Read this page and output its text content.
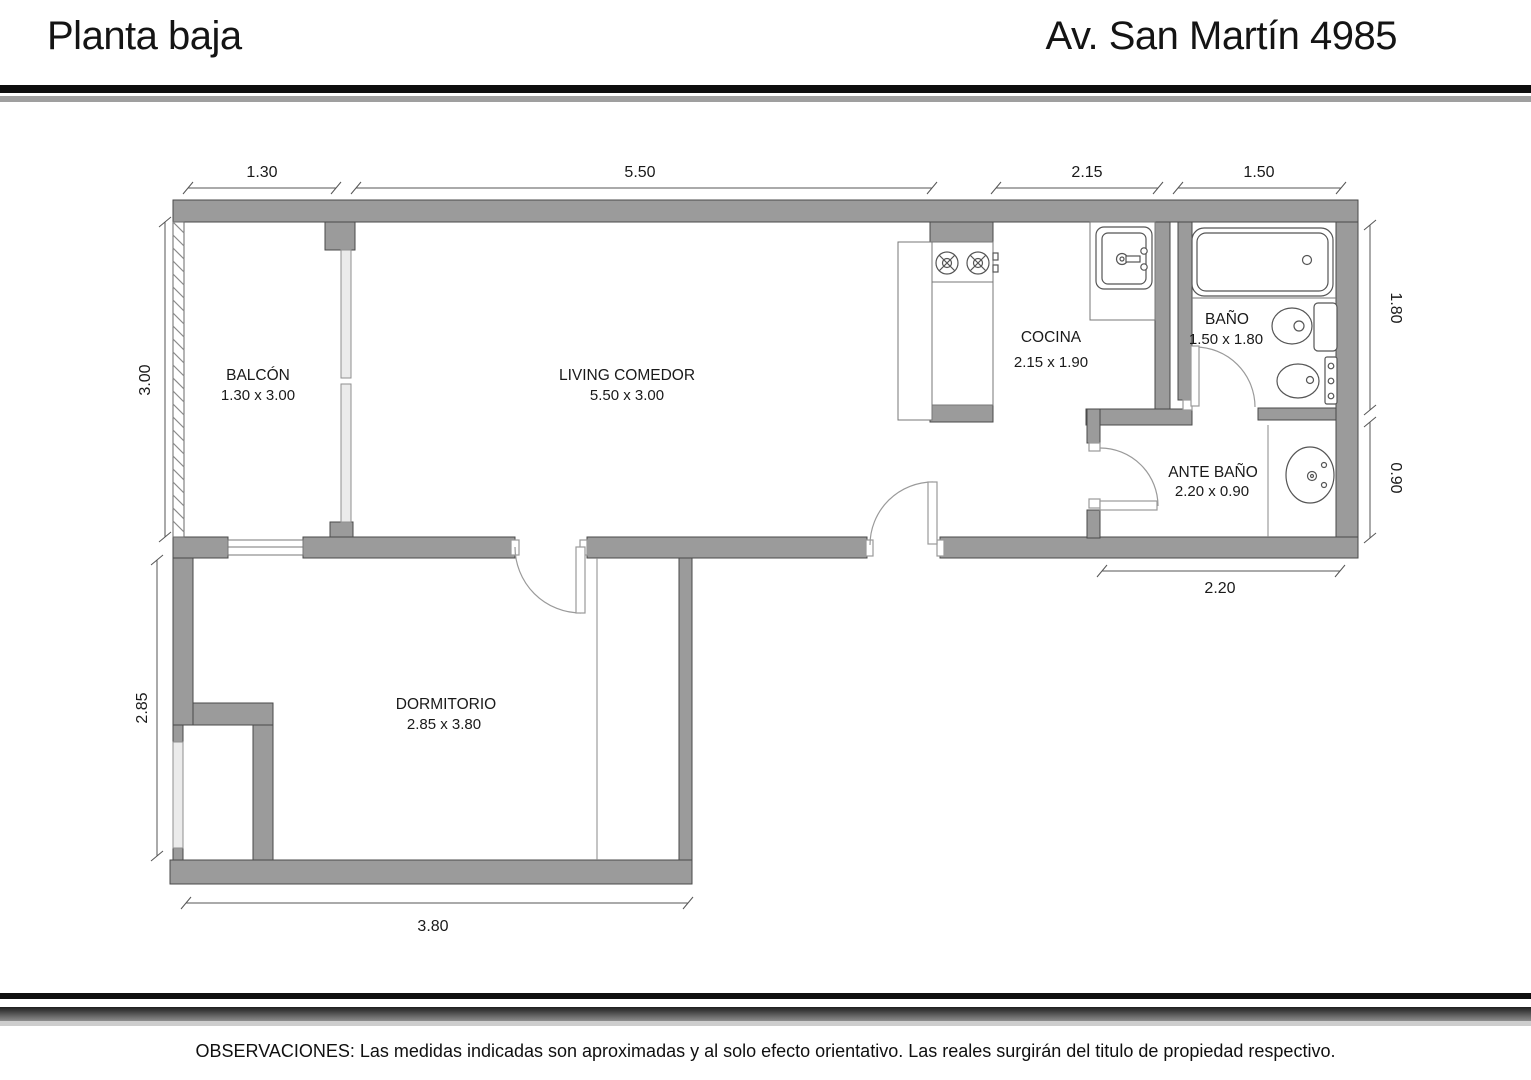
Planta baja	Av. San Martín 4985
1.30	5.50	2.15	1.50
3.00
2.85
1.80
0.90
2.20
3.80
BALCÓN
1.30 x 3.00
LIVING COMEDOR
5.50 x 3.00
COCINA
2.15 x 1.90
BAÑO
1.50 x 1.80
ANTE BAÑO
2.20 x 0.90
DORMITORIO
2.85 x 3.80
OBSERVACIONES: Las medidas indicadas son aproximadas y al solo efecto orientativo. Las reales surgirán del titulo de propiedad respectivo.
